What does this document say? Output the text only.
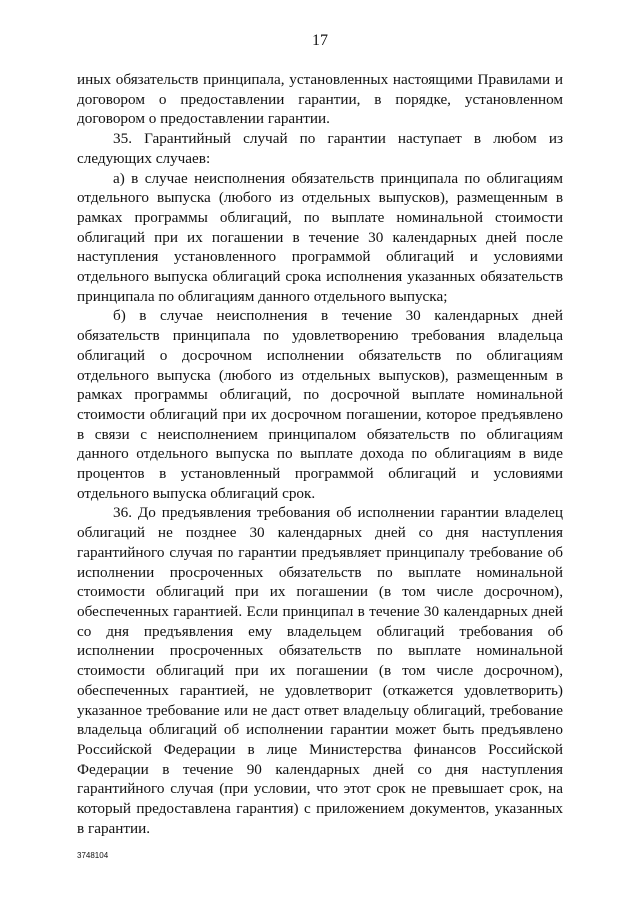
17

иных обязательств принципала, установленных настоящими Правилами и договором о предоставлении гарантии, в порядке, установленном договором о предоставлении гарантии.

35. Гарантийный случай по гарантии наступает в любом из следующих случаев:

а) в случае неисполнения обязательств принципала по облигациям отдельного выпуска (любого из отдельных выпусков), размещенным в рамках программы облигаций, по выплате номинальной стоимости облигаций при их погашении в течение 30 календарных дней после наступления установленного программой облигаций и условиями отдельного выпуска облигаций срока исполнения указанных обязательств принципала по облигациям данного отдельного выпуска;

б) в случае неисполнения в течение 30 календарных дней обязательств принципала по удовлетворению требования владельца облигаций о досрочном исполнении обязательств по облигациям отдельного выпуска (любого из отдельных выпусков), размещенным в рамках программы облигаций, по досрочной выплате номинальной стоимости облигаций при их досрочном погашении, которое предъявлено в связи с неисполнением принципалом обязательств по облигациям данного отдельного выпуска по выплате дохода по облигациям в виде процентов в установленный программой облигаций и условиями отдельного выпуска облигаций срок.

36. До предъявления требования об исполнении гарантии владелец облигаций не позднее 30 календарных дней со дня наступления гарантийного случая по гарантии предъявляет принципалу требование об исполнении просроченных обязательств по выплате номинальной стоимости облигаций при их погашении (в том числе досрочном), обеспеченных гарантией. Если принципал в течение 30 календарных дней со дня предъявления ему владельцем облигаций требования об исполнении просроченных обязательств по выплате номинальной стоимости облигаций при их погашении (в том числе досрочном), обеспеченных гарантией, не удовлетворит (откажется удовлетворить) указанное требование или не даст ответ владельцу облигаций, требование владельца облигаций об исполнении гарантии может быть предъявлено Российской Федерации в лице Министерства финансов Российской Федерации в течение 90 календарных дней со дня наступления гарантийного случая (при условии, что этот срок не превышает срок, на который предоставлена гарантия) с приложением документов, указанных в гарантии.

3748104
